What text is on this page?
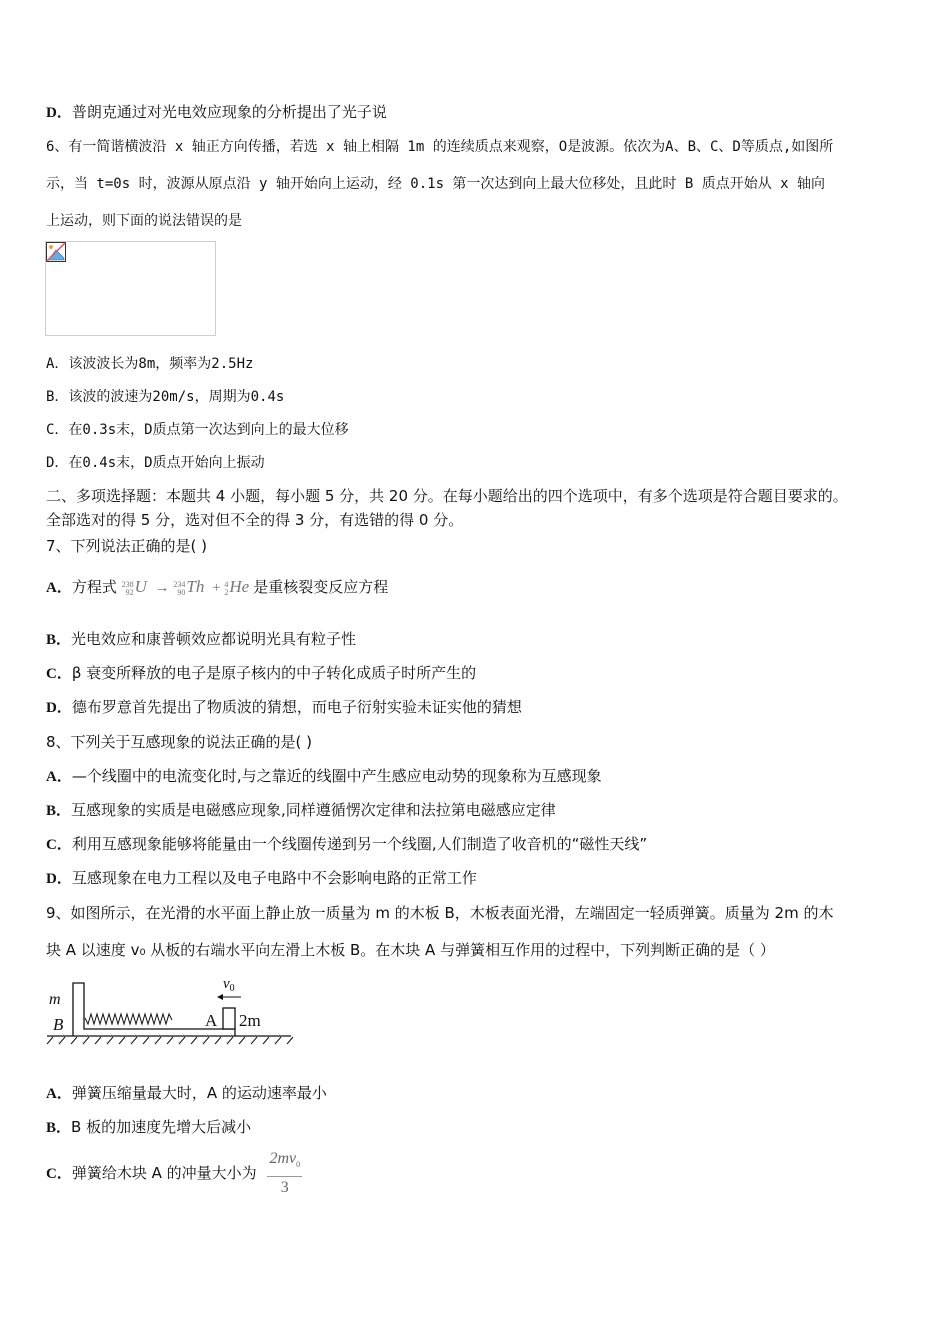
D．普朗克通过对光电效应现象的分析提出了光子说
6、有一简谐横波沿 x 轴正方向传播，若选 x 轴上相隔 1m 的连续质点来观察，O是波源。依次为A、B、C、D等质点,如图所
示，当 t=0s 时，波源从原点沿 y 轴开始向上运动，经 0.1s 第一次达到向上最大位移处，且此时 B 质点开始从 x 轴向
上运动，则下面的说法错误的是
A．该波波长为8m，频率为2.5Hz
B．该波的波速为20m/s，周期为0.4s
C．在0.3s末，D质点第一次达到向上的最大位移
D．在0.4s末，D质点开始向上振动
二、多项选择题：本题共 4 小题，每小题 5 分，共 20 分。在每小题给出的四个选项中，有多个选项是符合题目要求的。
全部选对的得 5 分，选对但不全的得 3 分，有选错的得 0 分。
7、下列说法正确的是( )
A．方程式 238
92U → 234
90Th + 4
2He 是重核裂变反应方程
B．光电效应和康普顿效应都说明光具有粒子性
C．β 衰变所释放的电子是原子核内的中子转化成质子时所产生的
D．德布罗意首先提出了物质波的猜想，而电子衍射实验未证实他的猜想
8、下列关于互感现象的说法正确的是( )
A．—个线圈中的电流变化时,与之靠近的线圈中产生感应电动势的现象称为互感现象
B．互感现象的实质是电磁感应现象,同样遵循愣次定律和法拉第电磁感应定律
C．利用互感现象能够将能量由一个线圈传递到另一个线圈,人们制造了收音机的“磁性天线”
D．互感现象在电力工程以及电子电路中不会影响电路的正常工作
9、如图所示，在光滑的水平面上静止放一质量为 m 的木板 B，木板表面光滑，左端固定一轻质弹簧。质量为 2m 的木
块 A 以速度 v₀ 从板的右端水平向左滑上木板 B。在木块 A 与弹簧相互作用的过程中，下列判断正确的是（ ）
$v_0$
m
B	A 2m
A．弹簧压缩量最大时，A 的运动速率最小
B．B 板的加速度先增大后减小
C．弹簧给木块 A 的冲量大小为 $\frac{2mv_0}{3}$
